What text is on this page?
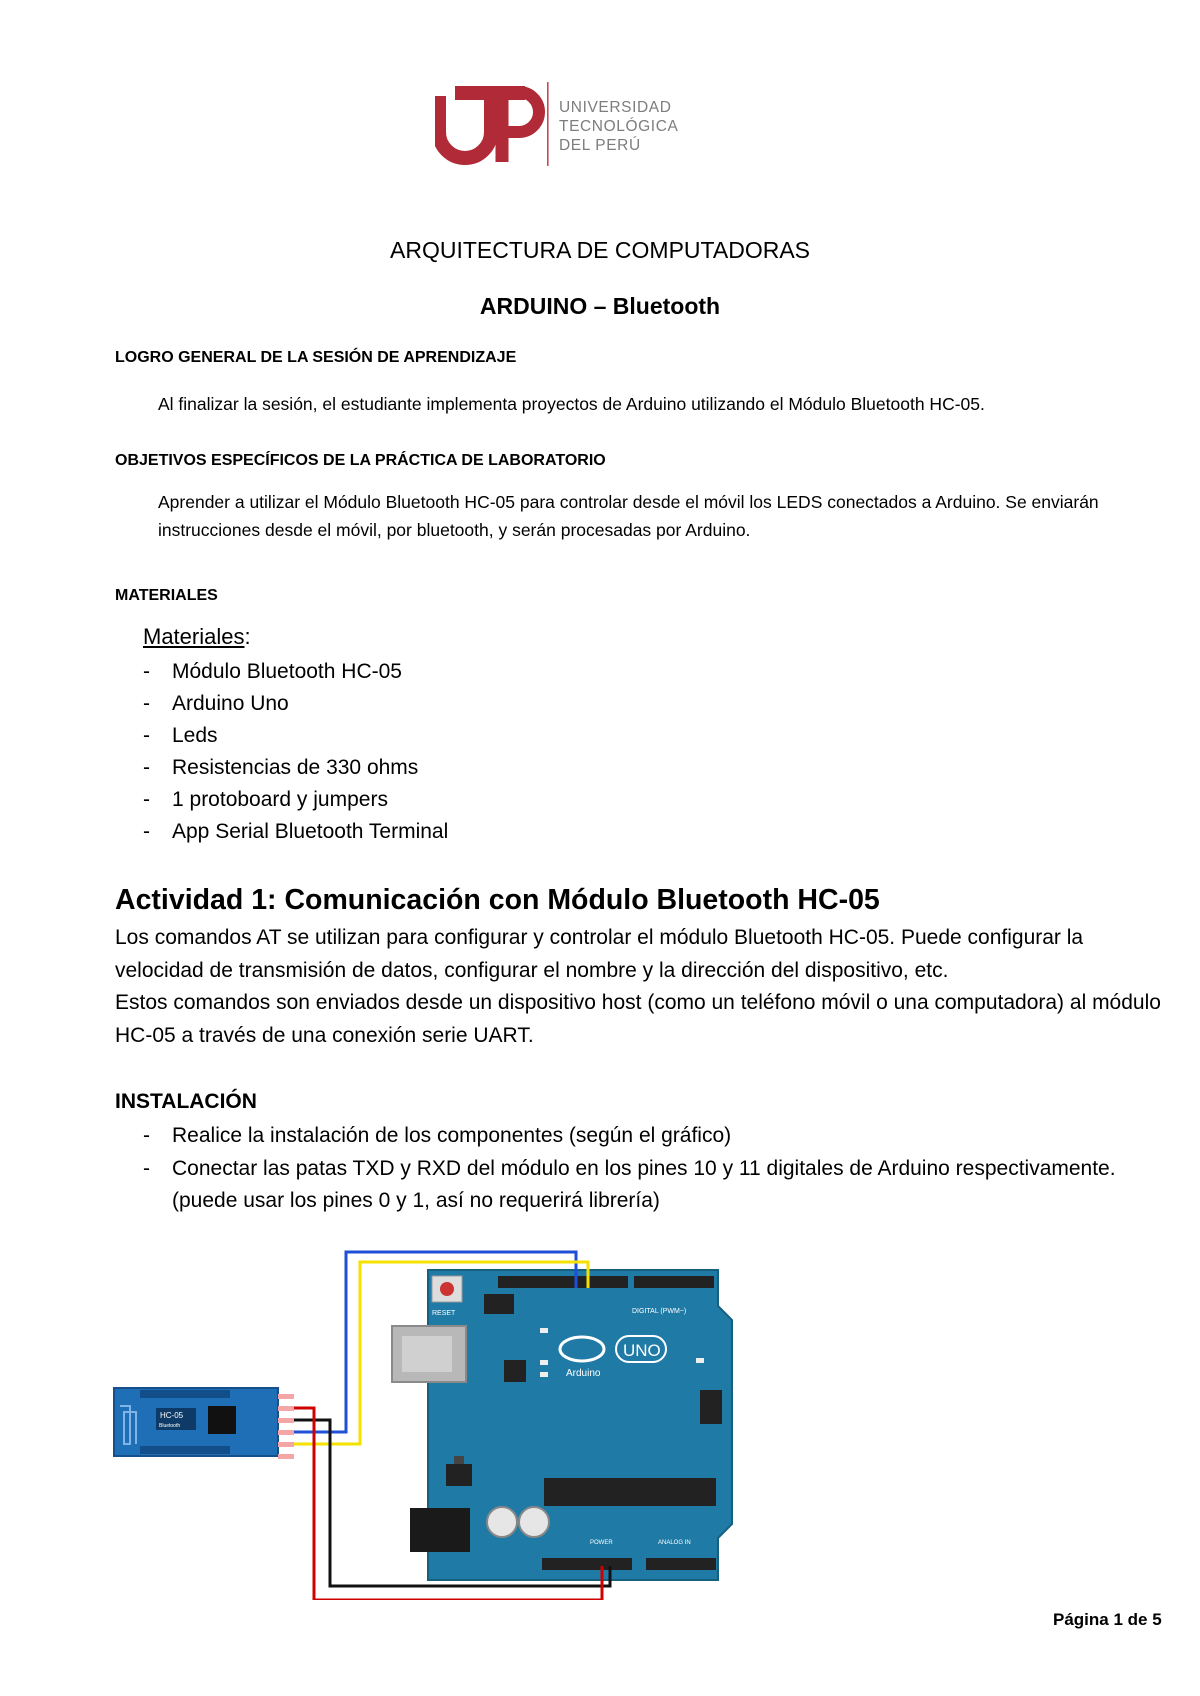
UNIVERSIDAD
TECNOLÓGICA
DEL PERÚ
ARQUITECTURA DE COMPUTADORAS
ARDUINO – Bluetooth
LOGRO GENERAL DE LA SESIÓN DE APRENDIZAJE
Al finalizar la sesión, el estudiante implementa proyectos de Arduino utilizando el Módulo Bluetooth HC-05.
OBJETIVOS ESPECÍFICOS DE LA PRÁCTICA DE LABORATORIO
Aprender a utilizar el Módulo Bluetooth HC-05 para controlar desde el móvil los LEDS conectados a Arduino. Se enviarán instrucciones desde el móvil, por bluetooth, y serán procesadas por Arduino.
MATERIALES
Materiales:
- Módulo Bluetooth HC-05
- Arduino Uno
- Leds
- Resistencias de 330 ohms
- 1 protoboard y jumpers
- App Serial Bluetooth Terminal
Actividad 1: Comunicación con Módulo Bluetooth HC-05

Los comandos AT se utilizan para configurar y controlar el módulo Bluetooth HC-05. Puede configurar la velocidad de transmisión de datos, configurar el nombre y la dirección del dispositivo, etc.

Estos comandos son enviados desde un dispositivo host (como un teléfono móvil o una computadora) al módulo HC-05 a través de una conexión serie UART.

INSTALACIÓN
-	Realice la instalación de los componentes (según el gráfico)
-	Conectar las patas TXD y RXD del módulo en los pines 10 y 11 digitales de Arduino respectivamente.
(puede usar los pines 0 y 1, así no requerirá librería)
RESET	DIGITAL (PWM~)
UNO
Arduino
POWER	ANALOG IN
HC-05
Bluetooth
Página 1 de 5
